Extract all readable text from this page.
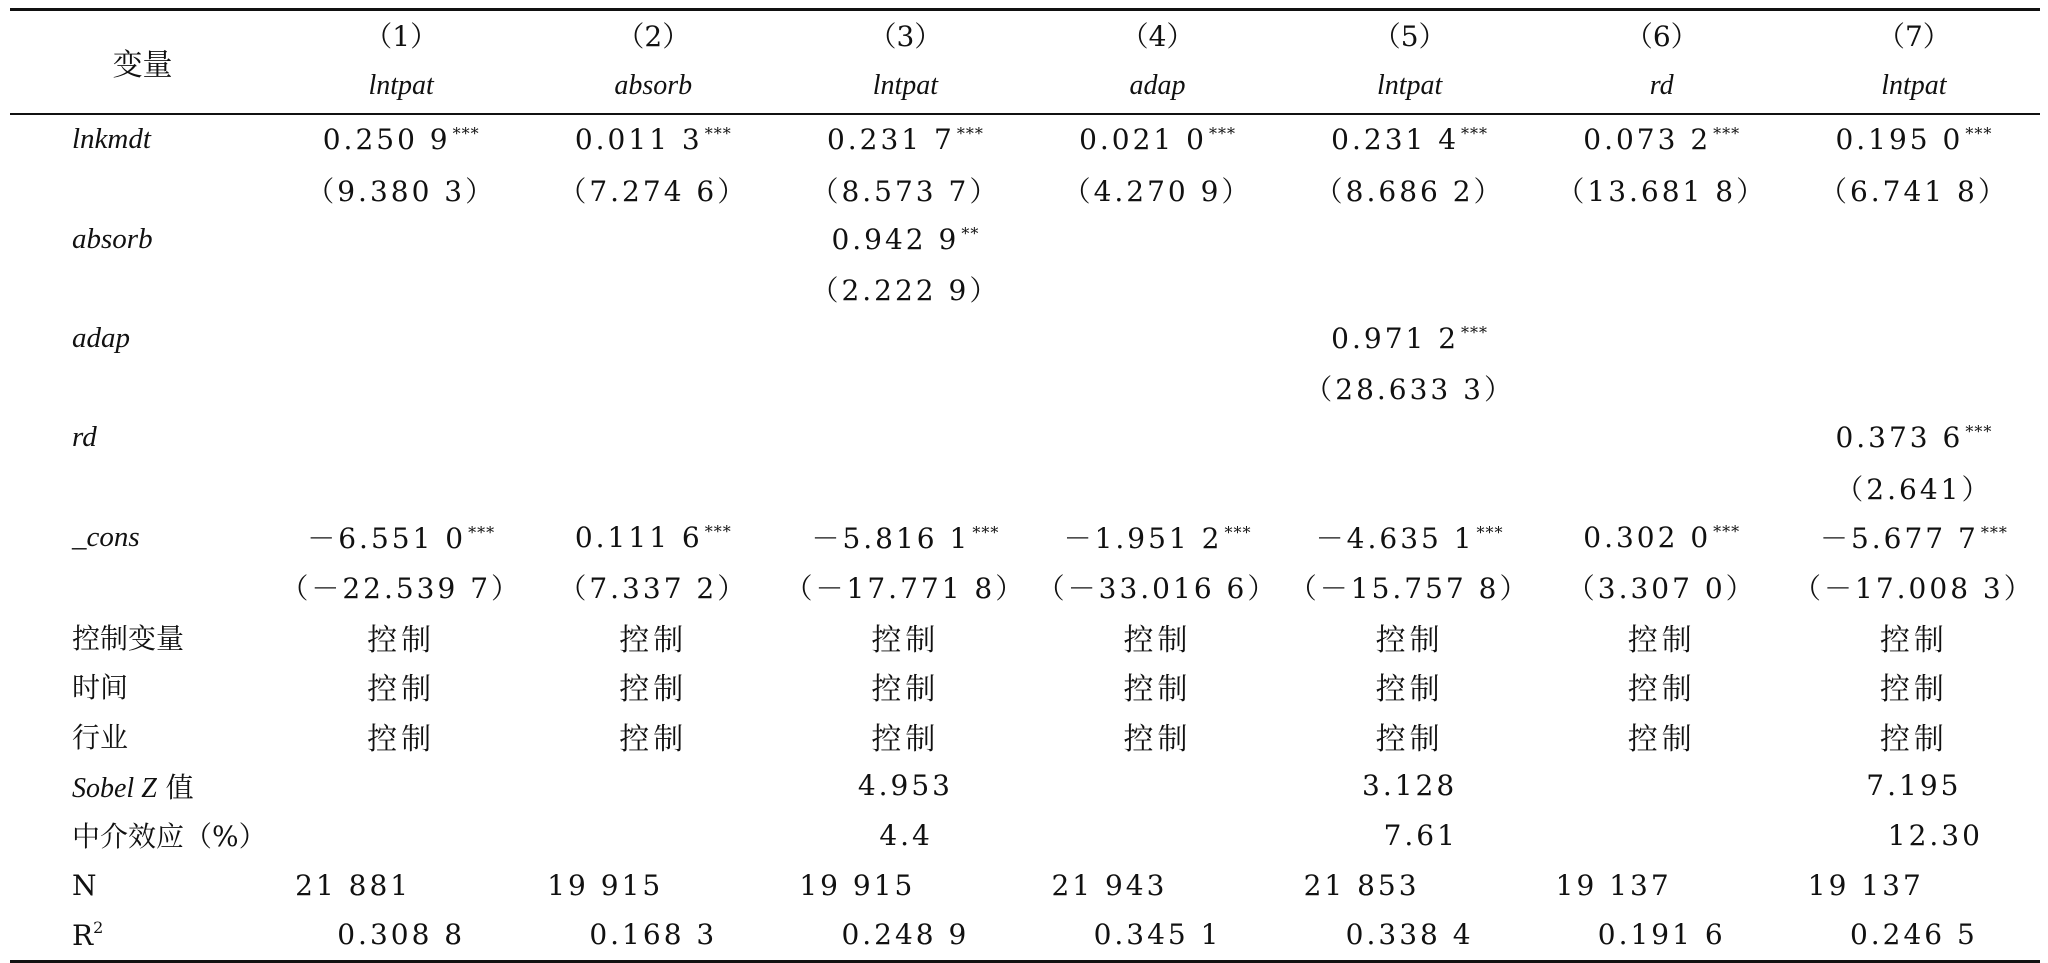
变量	（1）	（2）	（3）	（4）	（5）	（6）	（7）
	lntpat	absorb	lntpat	adap	lntpat	rd	lntpat
lnkmdt	0.250 9 ***	0.011 3 ***	0.231 7 ***	0.021 0 ***	0.231 4 ***	0.073 2 ***	0.195 0 ***
	（9.380 3）	（7.274 6）	（8.573 7）	（4.270 9）	（8.686 2）	（13.681 8）	（6.741 8）
absorb			0.942 9 **				
			（2.222 9）				
adap					0.971 2 ***		
					（28.633 3）		
rd							0.373 6 ***
							（2.641）
_cons	－6.551 0 ***	0.111 6 ***	－5.816 1 ***	－1.951 2 ***	－4.635 1 ***	0.302 0 ***	－5.677 7 ***
	（－22.539 7）	（7.337 2）	（－17.771 8）	（－33.016 6）	（－15.757 8）	（3.307 0）	（－17.008 3）
控制变量	控制	控制	控制	控制	控制	控制	控制
时间	控制	控制	控制	控制	控制	控制	控制
行业	控制	控制	控制	控制	控制	控制	控制
Sobel Z 值			4.953		3.128		7.195
中介效应（%）			4.4		7.61		12.30
N	21 881	19 915	19 915	21 943	21 853	19 137	19 137
$R^2$	0.308 8	0.168 3	0.248 9	0.345 1	0.338 4	0.191 6	0.246 5
